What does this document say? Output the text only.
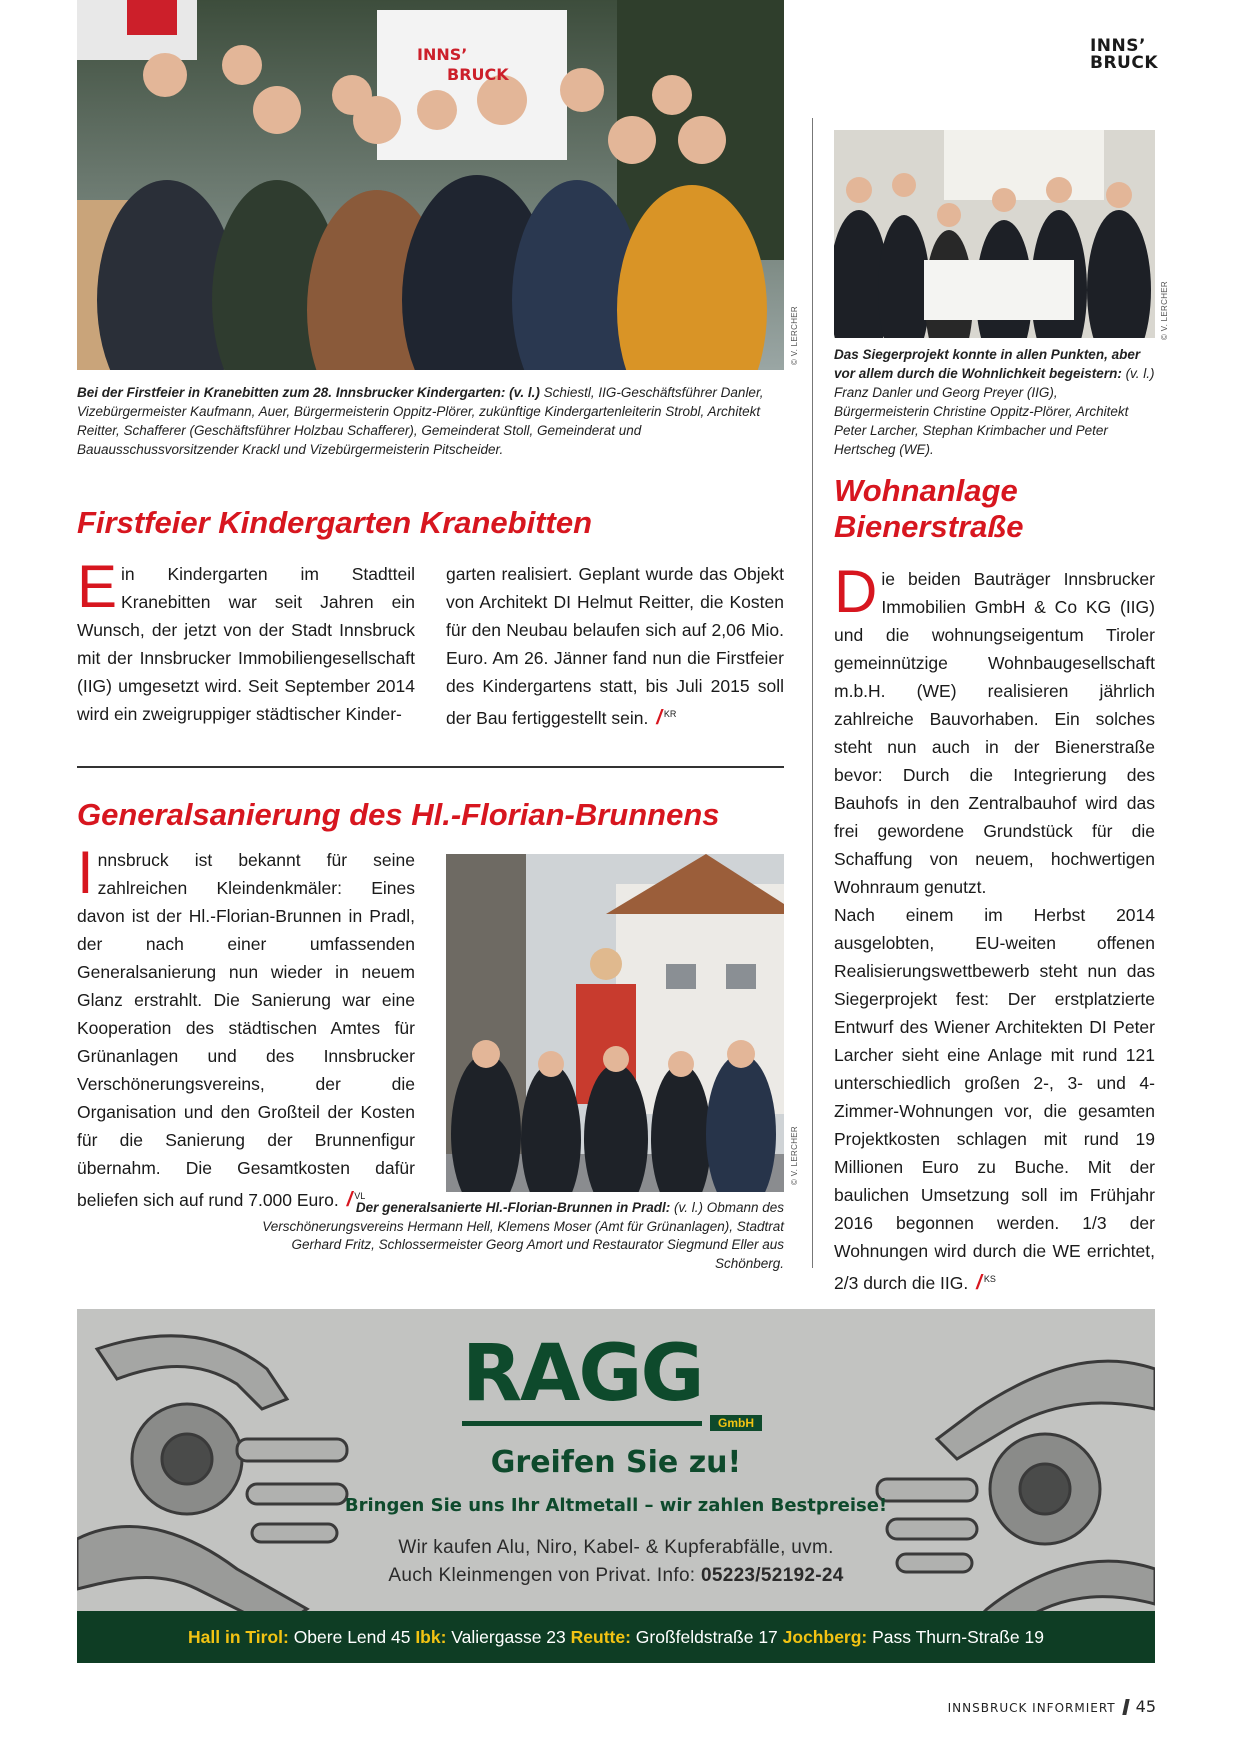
INNS’
BRUCK
INNS’
BRUCK
© V. LERCHER
Bei der Firstfeier in Kranebitten zum 28. Innsbrucker Kindergarten: (v. l.) Schiestl, IIG-Geschäftsführer Danler, Vizebürgermeister Kaufmann, Auer, Bürgermeisterin Oppitz-Plörer, zukünftige Kindergartenleiterin Strobl, Architekt Reitter, Schafferer (Geschäftsführer Holzbau Schafferer), Gemeinderat Stoll, Gemeinderat und Bauausschussvorsitzender Krackl und Vizebürgermeisterin Pitscheider.
Firstfeier Kindergarten Kranebitten
Ein Kindergarten im Stadtteil Kranebitten war seit Jahren ein Wunsch, der jetzt von der Stadt Innsbruck mit der Innsbrucker Immobiliengesellschaft (IIG) umgesetzt wird. Seit September 2014 wird ein zweigruppiger städtischer Kinder-
garten realisiert. Geplant wurde das Objekt von Architekt DI Helmut Reitter, die Kosten für den Neubau belaufen sich auf 2,06 Mio. Euro. Am 26. Jänner fand nun die Firstfeier des Kindergartens statt, bis Juli 2015 soll der Bau fertiggestellt sein. / $^{KR}$
Generalsanierung des Hl.-Florian-Brunnens
Innsbruck ist bekannt für seine zahlreichen Kleindenkmäler: Eines davon ist der Hl.-Florian-Brunnen in Pradl, der nach einer umfassenden Generalsanierung nun wieder in neuem Glanz erstrahlt. Die Sanierung war eine Kooperation des städtischen Amtes für Grünanlagen und des Innsbrucker Verschönerungsvereins, der die Organisation und den Großteil der Kosten für die Sanierung der Brunnenfigur übernahm. Die Gesamtkosten dafür beliefen sich auf rund 7.000 Euro. / $^{VL}$
© V. LERCHER
Der generalsanierte Hl.-Florian-Brunnen in Pradl: (v. l.) Obmann des Verschönerungsvereins Hermann Hell, Klemens Moser (Amt für Grünanlagen), Stadtrat Gerhard Fritz, Schlossermeister Georg Amort und Restaurator Siegmund Eller aus Schönberg.
© V. LERCHER
Das Siegerprojekt konnte in allen Punkten, aber vor allem durch die Wohnlichkeit begeistern: (v. l.) Franz Danler und Georg Preyer (IIG), Bürgermeisterin Christine Oppitz-Plörer, Architekt Peter Larcher, Stephan Krimbacher und Peter Hertscheg (WE).
Wohnanlage
Bienerstraße
Die beiden Bauträger Innsbrucker Immobilien GmbH & Co KG (IIG) und die wohnungseigentum Tiroler gemeinnützige Wohnbaugesellschaft m.b.H. (WE) realisieren jährlich zahlreiche Bauvorhaben. Ein solches steht nun auch in der Bienerstraße bevor: Durch die Integrierung des Bauhofs in den Zentralbauhof wird das frei gewordene Grundstück für die Schaffung von neuem, hochwertigen Wohnraum genutzt.
Nach einem im Herbst 2014 ausgelobten, EU-weiten offenen Realisierungswettbewerb steht nun das Siegerprojekt fest: Der erstplatzierte Entwurf des Wiener Architekten DI Peter Larcher sieht eine Anlage mit rund 121 unterschiedlich großen 2-, 3- und 4-Zimmer-Wohnungen vor, die gesamten Projektkosten schlagen mit rund 19 Millionen Euro zu Buche. Mit der baulichen Umsetzung soll im Frühjahr 2016 begonnen werden. 1/3 der Wohnungen wird durch die WE errichtet, 2/3 durch die IIG. / $^{KS}$
RAGG
GmbH
Greifen Sie zu!
Bringen Sie uns Ihr Altmetall – wir zahlen Bestpreise!
Wir kaufen Alu, Niro, Kabel- & Kupferabfälle, uvm.
Auch Kleinmengen von Privat. Info: 05223/52192-24
Hall in Tirol: Obere Lend 45 Ibk: Valiergasse 23 Reutte: Großfeldstraße 17 Jochberg: Pass Thurn-Straße 19
INNSBRUCK INFORMIERT 45
